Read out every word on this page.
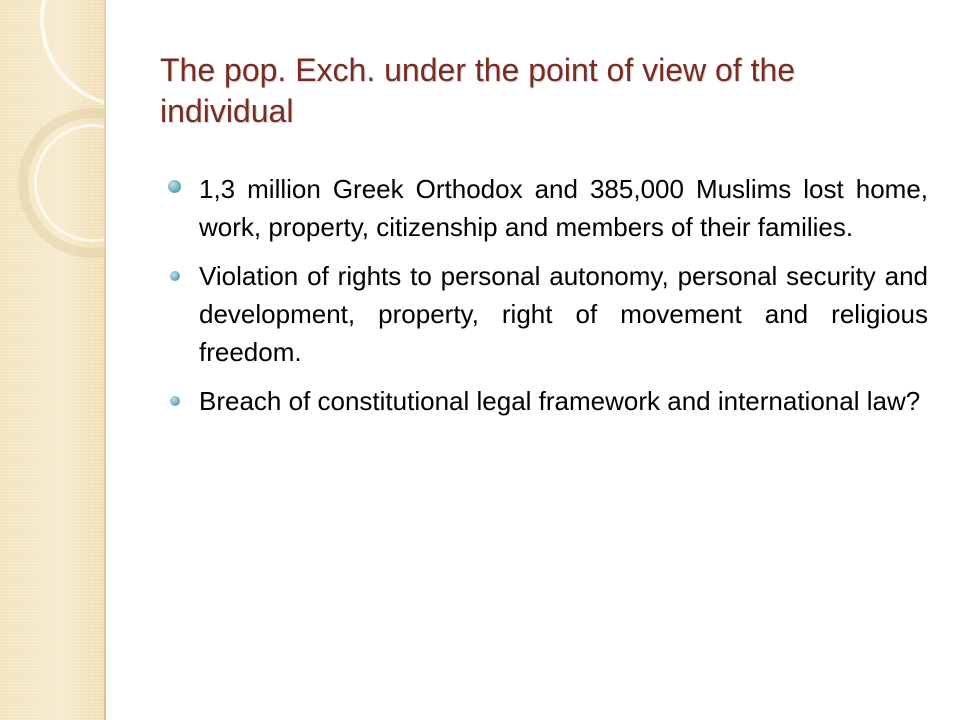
The pop. Exch. under the point of view of the individual
1,3 million Greek Orthodox and 385,000 Muslims lost home, work, property, citizenship and members of their families.
Violation of rights to personal autonomy, personal security and development, property, right of movement and religious freedom.
Breach of constitutional legal framework and international law?
